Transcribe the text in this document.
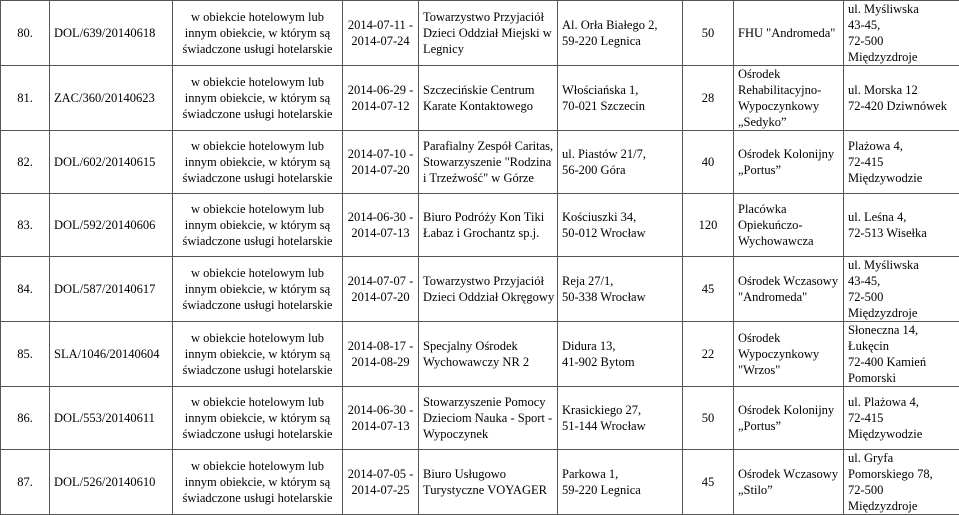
80.	DOL/639/20140618	w obiekcie hotelowym lub
innym obiekcie, w którym są
świadczone usługi hotelarskie	2014-07-11 -
2014-07-24	Towarzystwo Przyjaciół
Dzieci Oddział Miejski w
Legnicy	Al. Orła Białego 2,
59-220 Legnica	50	FHU "Andromeda"	ul. Myśliwska
43-45,
72-500
Międzyzdroje

81.	ZAC/360/20140623	w obiekcie hotelowym lub
innym obiekcie, w którym są
świadczone usługi hotelarskie	2014-06-29 -
2014-07-12	Szczecińskie Centrum
Karate Kontaktowego	Włościańska 1,
70-021 Szczecin	28	Ośrodek
Rehabilitacyjno-
Wypoczynkowy
„Sedyko”	ul. Morska 12
72-420 Dziwnówek

82.	DOL/602/20140615	w obiekcie hotelowym lub
innym obiekcie, w którym są
świadczone usługi hotelarskie	2014-07-10 -
2014-07-20	Parafialny Zespół Caritas,
Stowarzyszenie "Rodzina
i Trzeźwość" w Górze	ul. Piastów 21/7,
56-200 Góra	40	Ośrodek Kolonijny
„Portus”	Plażowa 4,
72-415
Międzywodzie

83.	DOL/592/20140606	w obiekcie hotelowym lub
innym obiekcie, w którym są
świadczone usługi hotelarskie	2014-06-30 -
2014-07-13	Biuro Podróży Kon Tiki
Łabaz i Grochantz sp.j.	Kościuszki 34,
50-012 Wrocław	120	Placówka
Opiekuńczo-
Wychowawcza	ul. Leśna 4,
72-513 Wisełka

84.	DOL/587/20140617	w obiekcie hotelowym lub
innym obiekcie, w którym są
świadczone usługi hotelarskie	2014-07-07 -
2014-07-20	Towarzystwo Przyjaciół
Dzieci Oddział Okręgowy	Reja 27/1,
50-338 Wrocław	45	Ośrodek Wczasowy
"Andromeda"	ul. Myśliwska
43-45,
72-500
Międzyzdroje

85.	SLA/1046/20140604	w obiekcie hotelowym lub
innym obiekcie, w którym są
świadczone usługi hotelarskie	2014-08-17 -
2014-08-29	Specjalny Ośrodek
Wychowawczy NR 2	Didura 13,
41-902 Bytom	22	Ośrodek
Wypoczynkowy
"Wrzos"	Słoneczna 14,
Łukęcin
72-400 Kamień
Pomorski

86.	DOL/553/20140611	w obiekcie hotelowym lub
innym obiekcie, w którym są
świadczone usługi hotelarskie	2014-06-30 -
2014-07-13	Stowarzyszenie Pomocy
Dzieciom Nauka - Sport -
Wypoczynek	Krasickiego 27,
51-144 Wrocław	50	Ośrodek Kolonijny
„Portus”	ul. Plażowa 4,
72-415
Międzywodzie

87.	DOL/526/20140610	w obiekcie hotelowym lub
innym obiekcie, w którym są
świadczone usługi hotelarskie	2014-07-05 -
2014-07-25	Biuro Usługowo
Turystyczne VOYAGER	Parkowa 1,
59-220 Legnica	45	Ośrodek Wczasowy
„Stilo”	ul. Gryfa
Pomorskiego 78,
72-500
Międzyzdroje
